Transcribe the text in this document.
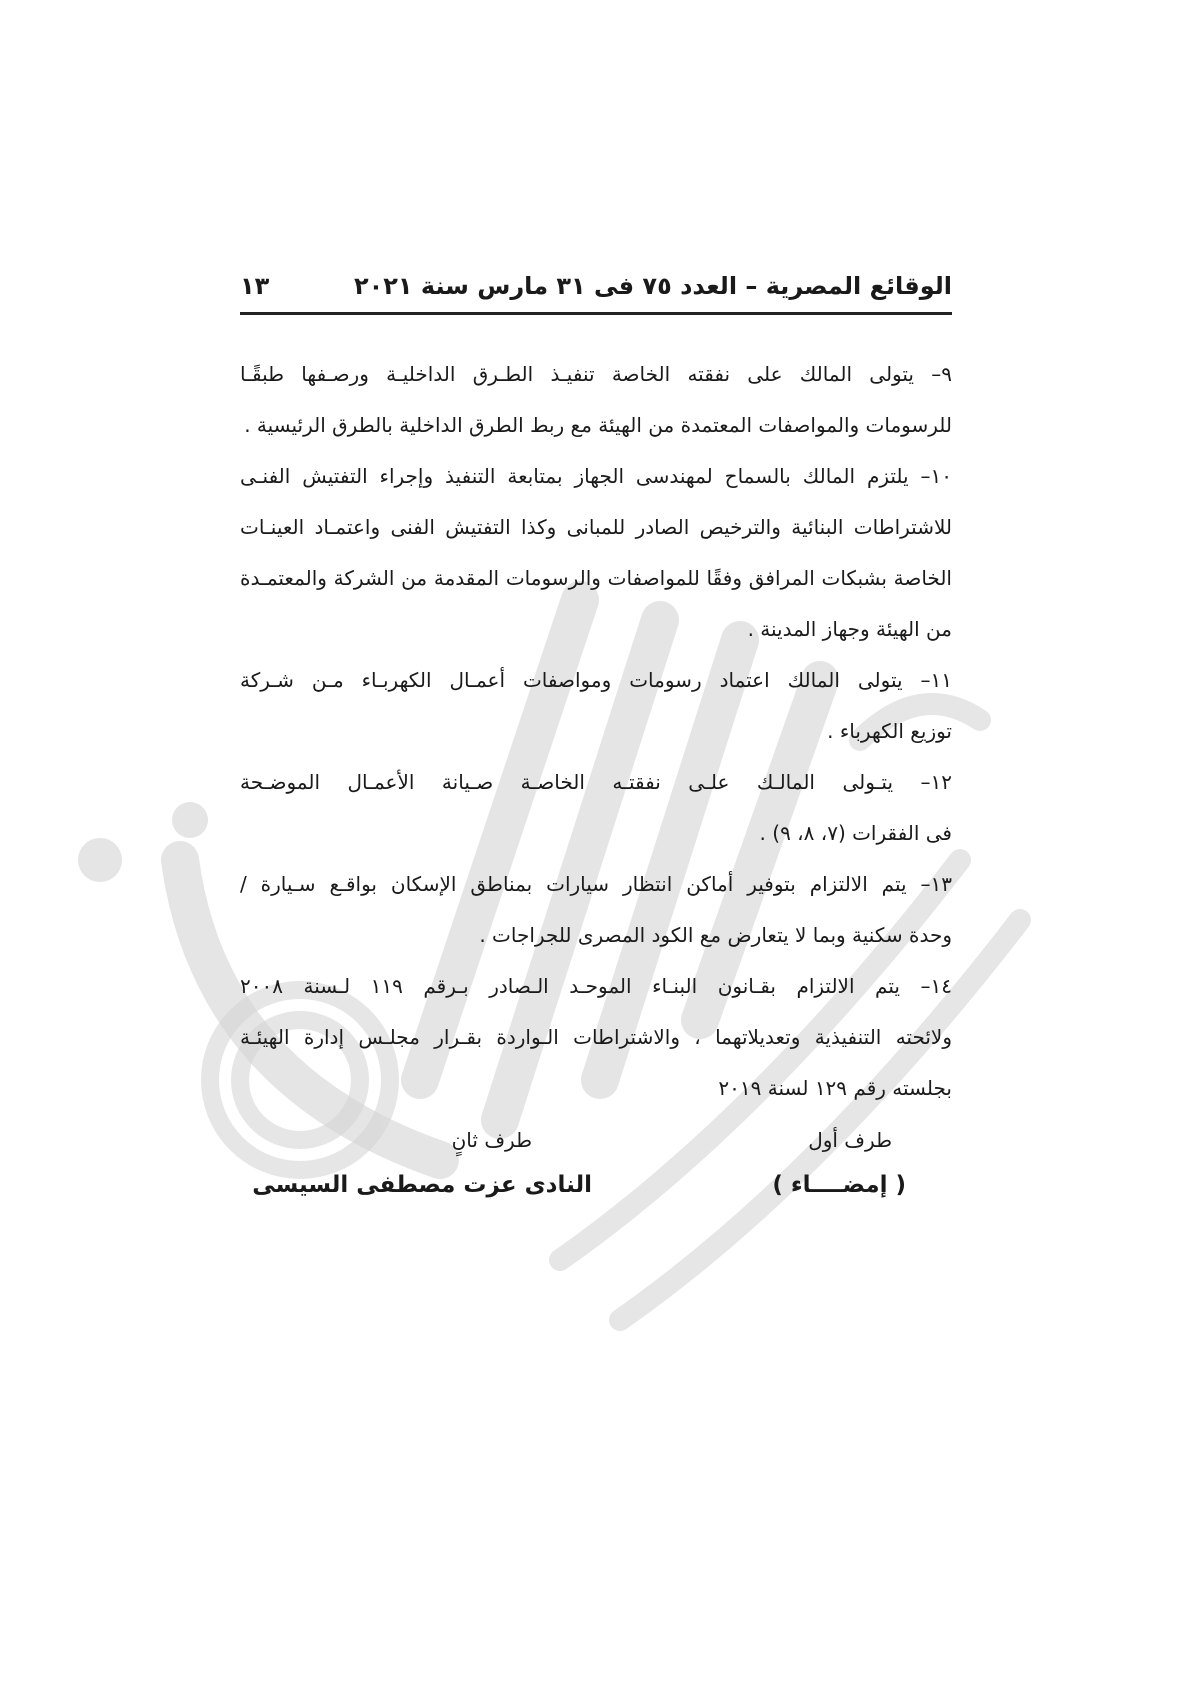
الوقائع المصرية – العدد ٧٥ فى ٣١ مارس سنة ٢٠٢١
١٣

٩– يتولى المالك على نفقته الخاصة تنفيـذ الطـرق الداخليـة ورصـفها طبقًـا
للرسومات والمواصفات المعتمدة من الهيئة مع ربط الطرق الداخلية بالطرق الرئيسية .

١٠– يلتزم المالك بالسماح لمهندسى الجهاز بمتابعة التنفيذ وإجراء التفتيش الفنـى
للاشتراطات البنائية والترخيص الصادر للمبانى وكذا التفتيش الفنى واعتمـاد العينـات
الخاصة بشبكات المرافق وفقًا للمواصفات والرسومات المقدمة من الشركة والمعتمـدة
من الهيئة وجهاز المدينة .

١١– يتولى المالك اعتماد رسومات ومواصفات أعمـال الكهربـاء مـن شـركة
توزيع الكهرباء .

١٢– يتـولى المالـك علـى نفقتـه الخاصـة صـيانة الأعمـال الموضـحة
فى الفقرات (٧، ٨، ٩) .

١٣– يتم الالتزام بتوفير أماكن انتظار سيارات بمناطق الإسكان بواقـع سـيارة /
وحدة سكنية وبما لا يتعارض مع الكود المصرى للجراجات .

١٤– يتم الالتزام بقـانون البنـاء الموحـد الـصادر بـرقم ١١٩ لـسنة ٢٠٠٨
ولائحته التنفيذية وتعديلاتهما ، والاشتراطات الـواردة بقـرار مجلـس إدارة الهيئـة
بجلسته رقم ١٢٩ لسنة ٢٠١٩

طرف أول
طرف ثانٍ
( إمضــــاء )
النادى عزت مصطفى السيسى
